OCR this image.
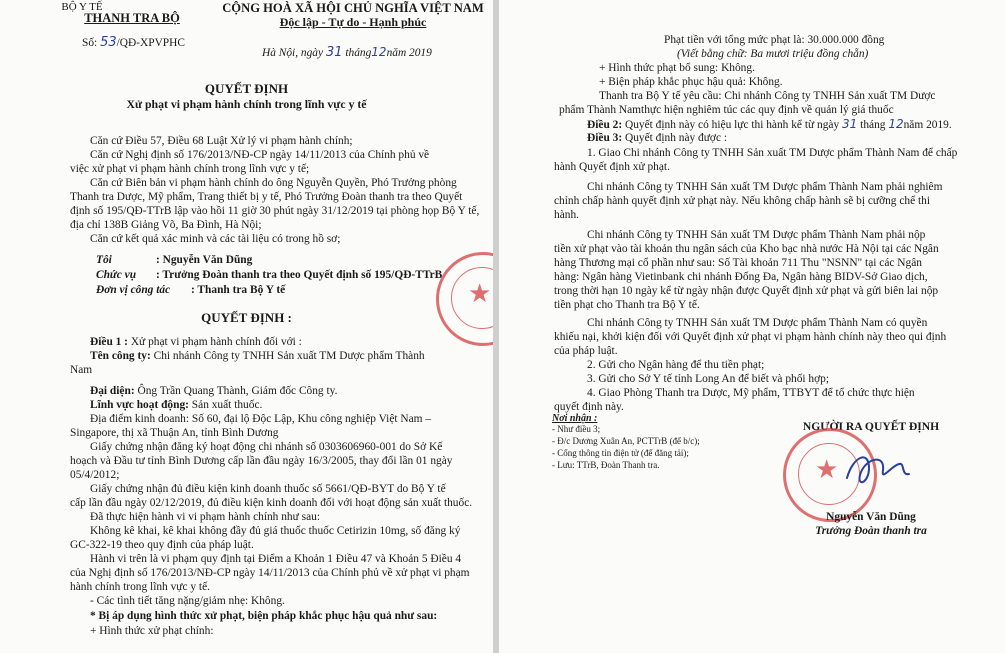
BỘ Y TẾ
THANH TRA BỘ
Số: 53/QĐ-XPVPHC
CỘNG HOÀ XÃ HỘI CHỦ NGHĨA VIỆT NAM
Độc lập - Tự do - Hạnh phúc
Hà Nội, ngày 31 tháng12năm 2019
QUYẾT ĐỊNH
Xử phạt vi phạm hành chính trong lĩnh vực y tế
Căn cứ Điều 57, Điều 68 Luật Xử lý vi phạm hành chính;
Căn cứ Nghị định số 176/2013/NĐ-CP ngày 14/11/2013 của Chính phủ về
việc xử phạt vi phạm hành chính trong lĩnh vực y tế;
Căn cứ Biên bản vi phạm hành chính do ông Nguyễn Quyền, Phó Trưởng phòng
Thanh tra Dược, Mỹ phẩm, Trang thiết bị y tế, Phó Trưởng Đoàn thanh tra theo Quyết
định số 195/QĐ-TTrB lập vào hồi 11 giờ 30 phút ngày 31/12/2019 tại phòng họp Bộ Y tế,
địa chỉ 138B Giảng Võ, Ba Đình, Hà Nội;
Căn cứ kết quả xác minh và các tài liệu có trong hồ sơ;
Tôi	: Nguyễn Văn Dũng
Chức vụ : Trưởng Đoàn thanh tra theo Quyết định số 195/QĐ-TTrB
Đơn vị công tác : Thanh tra Bộ Y tế
QUYẾT ĐỊNH :
Điều 1 : Xử phạt vi phạm hành chính đối với :
Tên công ty: Chi nhánh Công ty TNHH Sản xuất TM Dược phẩm Thành
Nam
Đại diện: Ông Trần Quang Thành, Giám đốc Công ty.
Lĩnh vực hoạt động: Sản xuất thuốc.
Địa điểm kinh doanh: Số 60, đại lộ Độc Lập, Khu công nghiệp Việt Nam –
Singapore, thị xã Thuận An, tỉnh Bình Dương
Giấy chứng nhận đăng ký hoạt động chi nhánh số 0303606960-001 do Sở Kế
hoạch và Đầu tư tỉnh Bình Dương cấp lần đầu ngày 16/3/2005, thay đổi lần 01 ngày
05/4/2012;
Giấy chứng nhận đủ điều kiện kinh doanh thuốc số 5661/QĐ-BYT do Bộ Y tế
cấp lần đầu ngày 02/12/2019, đủ điều kiện kinh doanh đối với hoạt động sản xuất thuốc.
Đã thực hiện hành vi vi phạm hành chính như sau:
Không kê khai, kê khai không đầy đủ giá thuốc thuốc Cetirizin 10mg, số đăng ký
GC-322-19 theo quy định của pháp luật.
Hành vi trên là vi phạm quy định tại Điểm a Khoản 1 Điều 47 và Khoản 5 Điều 4
của Nghị định số 176/2013/NĐ-CP ngày 14/11/2013 của Chính phủ về xử phạt vi phạm
hành chính trong lĩnh vực y tế.
- Các tình tiết tăng nặng/giảm nhẹ: Không.
* Bị áp dụng hình thức xử phạt, biện pháp khắc phục hậu quả như sau:
+ Hình thức xử phạt chính:
★
Phạt tiền với tổng mức phạt là: 30.000.000 đồng
(Viết bằng chữ: Ba mươi triệu đồng chẵn)
+ Hình thức phạt bổ sung: Không.
+ Biện pháp khắc phục hậu quả: Không.
Thanh tra Bộ Y tế yêu cầu: Chi nhánh Công ty TNHH Sản xuất TM Dược
phẩm Thành Namthực hiện nghiêm túc các quy định về quản lý giá thuốc
Điều 2: Quyết định này có hiệu lực thi hành kể từ ngày 31 tháng 12năm 2019.
Điều 3: Quyết định này được :
1. Giao Chi nhánh Công ty TNHH Sản xuất TM Dược phẩm Thành Nam để chấp
hành Quyết định xử phạt.
Chi nhánh Công ty TNHH Sản xuất TM Dược phẩm Thành Nam phải nghiêm
chỉnh chấp hành quyết định xử phạt này. Nếu không chấp hành sẽ bị cưỡng chế thi
hành.
Chi nhánh Công ty TNHH Sản xuất TM Dược phẩm Thành Nam phải nộp
tiền xử phạt vào tài khoản thu ngân sách của Kho bạc nhà nước Hà Nội tại các Ngân
hàng Thương mại cổ phần như sau: Số Tài khoản 711 Thu "NSNN" tại các Ngân
hàng: Ngân hàng Vietinbank chi nhánh Đống Đa, Ngân hàng BIDV-Sở Giao dịch,
trong thời hạn 10 ngày kể từ ngày nhận được Quyết định xử phạt và gửi biên lai nộp
tiền phạt cho Thanh tra Bộ Y tế.
Chi nhánh Công ty TNHH Sản xuất TM Dược phẩm Thành Nam có quyền
khiếu nại, khởi kiện đối với Quyết định xử phạt vi phạm hành chính này theo qui định
của pháp luật.
2. Gửi cho Ngân hàng để thu tiền phạt;
3. Gửi cho Sở Y tế tỉnh Long An để biết và phối hợp;
4. Giao Phòng Thanh tra Dược, Mỹ phẩm, TTBYT để tổ chức thực hiện
quyết định này.
Nơi nhận :
- Như điều 3;
- Đ/c Dương Xuân An, PCTTrB (để b/c);
- Cổng thông tin điện tử (để đăng tải);
- Lưu: TTrB, Đoàn Thanh tra.
NGƯỜI RA QUYẾT ĐỊNH
★
Nguyễn Văn Dũng
Trưởng Đoàn thanh tra
